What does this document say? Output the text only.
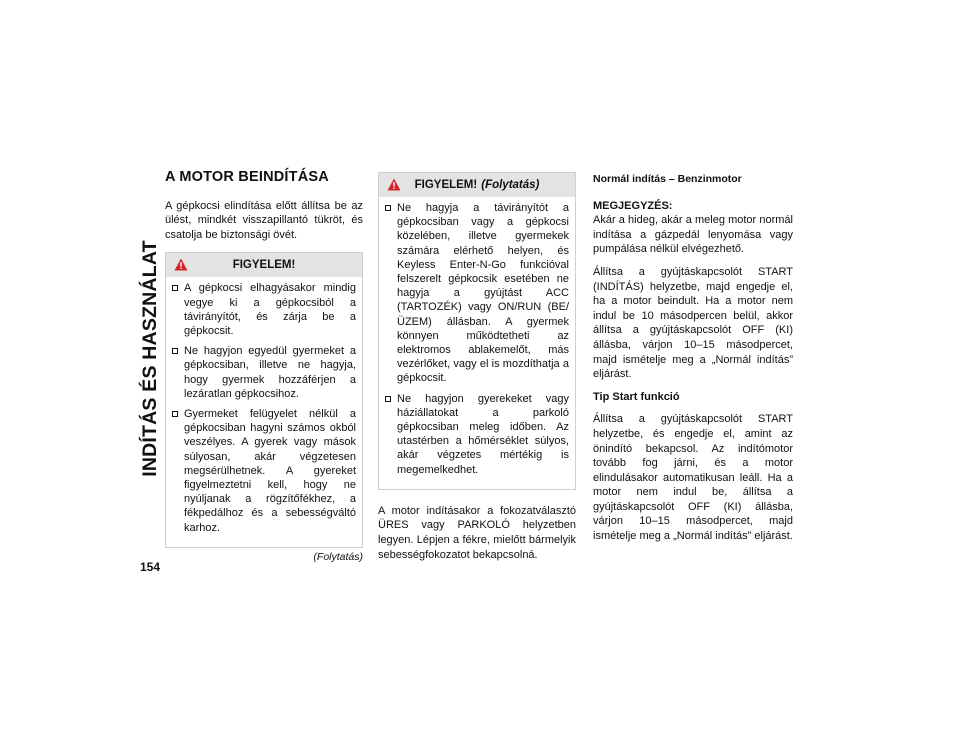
INDÍTÁS ÉS HASZNÁLAT
154
A MOTOR BEINDÍTÁSA

A gépkocsi elindítása előtt állítsa be az ülést, mindkét visszapillantó tükröt, és csatolja be biztonsági övét.

FIGYELEM!
A gépkocsi elhagyásakor mindig vegye ki a gépkocsiból a távirányítót, és zárja be a gépkocsit.
Ne hagyjon egyedül gyermeket a gépkocsiban, illetve ne hagyja, hogy gyermek hozzáférjen a lezáratlan gépkocsihoz.
Gyermeket felügyelet nélkül a gépkocsiban hagyni számos okból veszélyes. A gyerek vagy mások súlyosan, akár végzetesen megsérülhetnek. A gyereket figyelmeztetni kell, hogy ne nyúljanak a rögzítőfékhez, a fékpedálhoz és a sebességváltó karhoz.
(Folytatás)
FIGYELEM! (Folytatás)
Ne hagyja a távirányítót a gépkocsiban vagy a gépkocsi közelében, illetve gyermekek számára elérhető helyen, és Keyless Enter-N-Go funkcióval felszerelt gépkocsik esetében ne hagyja a gyújtást ACC (TARTOZÉK) vagy ON/RUN (BE/ÜZEM) állásban. A gyermek könnyen működtetheti az elektromos ablakemelőt, más vezérlőket, vagy el is mozdíthatja a gépkocsit.
Ne hagyjon gyerekeket vagy háziállatokat a parkoló gépkocsiban meleg időben. Az utastérben a hőmérséklet súlyos, akár végzetes mértékig is megemelkedhet.

A motor indításakor a fokozatválasztó ÜRES vagy PARKOLÓ helyzetben legyen. Lépjen a fékre, mielőtt bármelyik sebességfokozatot bekapcsolná.

Normál indítás – Benzinmotor

MEGJEGYZÉS:

Akár a hideg, akár a meleg motor normál indítása a gázpedál lenyomása vagy pumpálása nélkül elvégezhető.

Állítsa a gyújtáskapcsolót START (INDÍTÁS) helyzetbe, majd engedje el, ha a motor beindult. Ha a motor nem indul be 10 másodpercen belül, akkor állítsa a gyújtáskapcsolót OFF (KI) állásba, várjon 10–15 másodpercet, majd ismételje meg a „Normál indítás” eljárást.

Tip Start funkció

Állítsa a gyújtáskapcsolót START helyzetbe, és engedje el, amint az önindító bekapcsol. Az indítómotor tovább fog járni, és a motor elindulásakor automatikusan leáll. Ha a motor nem indul be, állítsa a gyújtáskapcsolót OFF (KI) állásba, várjon 10–15 másodpercet, majd ismételje meg a „Normál indítás” eljárást.
